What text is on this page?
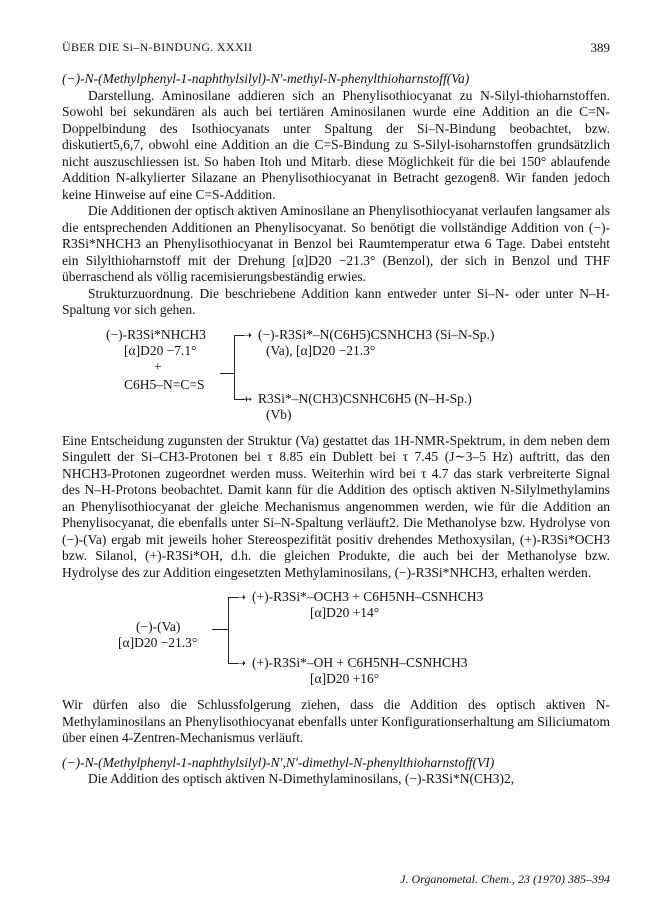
ÜBER DIE Si–N-BINDUNG. XXXII	389

(−)-N-(Methylphenyl-1-naphthylsilyl)-N′-methyl-N-phenylthioharnstoff(Va)

Darstellung. Aminosilane addieren sich an Phenylisothiocyanat zu N-Silyl-thioharnstoffen. Sowohl bei sekundären als auch bei tertiären Aminosilanen wurde eine Addition an die C=N-Doppelbindung des Isothiocyanats unter Spaltung der Si–N-Bindung beobachtet, bzw. diskutiert5,6,7, obwohl eine Addition an die C=S-Bindung zu S-Silyl-isoharnstoffen grundsätzlich nicht auszuschliessen ist. So haben Itoh und Mitarb. diese Möglichkeit für die bei 150° ablaufende Addition N-alkylierter Silazane an Phenylisothiocyanat in Betracht gezogen8. Wir fanden jedoch keine Hinweise auf eine C=S-Addition.

Die Additionen der optisch aktiven Aminosilane an Phenylisothiocyanat verlaufen langsamer als die entsprechenden Additionen an Phenylisocyanat. So benötigt die vollständige Addition von (−)-R3Si*NHCH3 an Phenylisothiocyanat in Benzol bei Raumtemperatur etwa 6 Tage. Dabei entsteht ein Silylthioharnstoff mit der Drehung [α]D20 −21.3° (Benzol), der sich in Benzol und THF überraschend als völlig racemisierungsbeständig erwies.

Strukturzuordnung. Die beschriebene Addition kann entweder unter Si–N- oder unter N–H-Spaltung vor sich gehen.

(−)-R3Si*NHCH3
[α]D20 −7.1°
+
C6H5–N=C=S
➝
⇸
(−)-R3Si*–N(C6H5)CSNHCH3 (Si–N-Sp.)
(Va), [α]D20 −21.3°
R3Si*–N(CH3)CSNHC6H5 (N–H-Sp.)
(Vb)

Eine Entscheidung zugunsten der Struktur (Va) gestattet das 1H-NMR-Spektrum, in dem neben dem Singulett der Si–CH3-Protonen bei τ 8.85 ein Dublett bei τ 7.45 (J∼3–5 Hz) auftritt, das den NHCH3-Protonen zugeordnet werden muss. Weiterhin wird bei τ 4.7 das stark verbreiterte Signal des N–H-Protons beobachtet. Damit kann für die Addition des optisch aktiven N-Silylmethylamins an Phenylisothiocyanat der gleiche Mechanismus angenommen werden, wie für die Addition an Phenylisocyanat, die ebenfalls unter Si–N-Spaltung verläuft2. Die Methanolyse bzw. Hydrolyse von (−)-(Va) ergab mit jeweils hoher Stereospezifität positiv drehendes Methoxysilan, (+)-R3Si*OCH3 bzw. Silanol, (+)-R3Si*OH, d.h. die gleichen Produkte, die auch bei der Methanolyse bzw. Hydrolyse des zur Addition eingesetzten Methylaminosilans, (−)-R3Si*NHCH3, erhalten werden.

(−)-(Va)
[α]D20 −21.3°
➝
➝
(+)-R3Si*–OCH3 + C6H5NH–CSNHCH3
[α]D20 +14°
(+)-R3Si*–OH + C6H5NH–CSNHCH3
[α]D20 +16°

Wir dürfen also die Schlussfolgerung ziehen, dass die Addition des optisch aktiven N-Methylaminosilans an Phenylisothiocyanat ebenfalls unter Konfigurationserhaltung am Siliciumatom über einen 4-Zentren-Mechanismus verläuft.

(−)-N-(Methylphenyl-1-naphthylsilyl)-N′,N′-dimethyl-N-phenylthioharnstoff(VI)

Die Addition des optisch aktiven N-Dimethylaminosilans, (−)-R3Si*N(CH3)2,

J. Organometal. Chem., 23 (1970) 385–394
